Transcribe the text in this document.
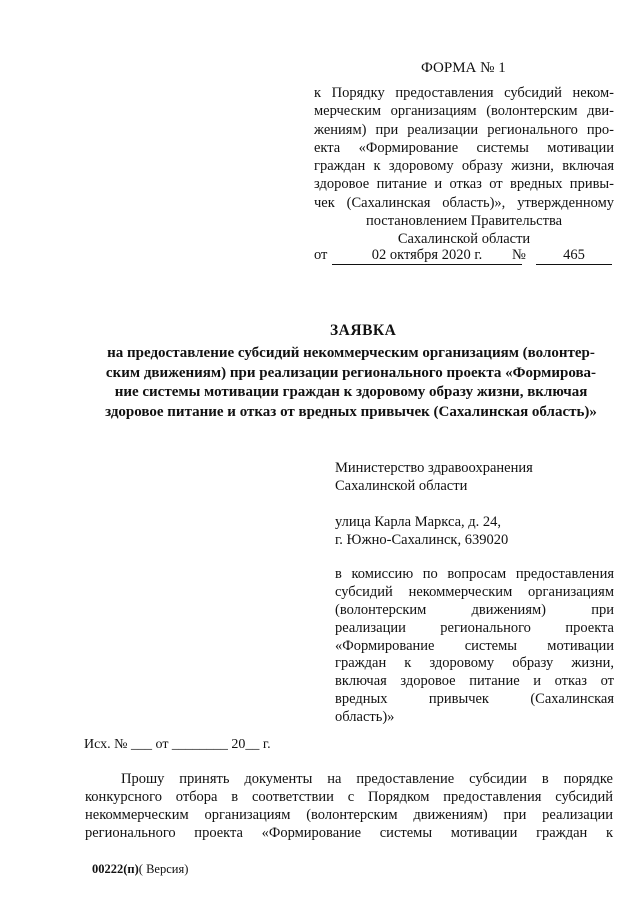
ФОРМА № 1
к Порядку предоставления субсидий неком-
мерческим организациям (волонтерским дви-
жениям) при реализации регионального про-
екта «Формирование системы мотивации
граждан к здоровому образу жизни, включая
здоровое питание и отказ от вредных привы-
чек (Сахалинская область)», утвержденному
постановлением Правительства
Сахалинской области
от	02 октября 2020 г.	№	465
ЗАЯВКА
на предоставление субсидий некоммерческим организациям (волонтер-
ским движениям) при реализации регионального проекта «Формирова-
ние системы мотивации граждан к здоровому образу жизни, включая
здоровое питание и отказ от вредных привычек (Сахалинская область)»
Министерство здравоохранения
Сахалинской области
улица Карла Маркса, д. 24,
г. Южно-Сахалинск, 639020
в комиссию по вопросам предоставления
субсидий некоммерческим организациям
(волонтерским движениям) при
реализации регионального проекта
«Формирование системы мотивации
граждан к здоровому образу жизни,
включая здоровое питание и отказ от
вредных привычек (Сахалинская
область)»
Исх. № ___ от ________ 20__ г.
Прошу принять документы на предоставление субсидии в порядке
конкурсного отбора в соответствии с Порядком предоставления субсидий
некоммерческим организациям (волонтерским движениям) при реализации
регионального проекта «Формирование системы мотивации граждан к
00222(п)( Версия)
